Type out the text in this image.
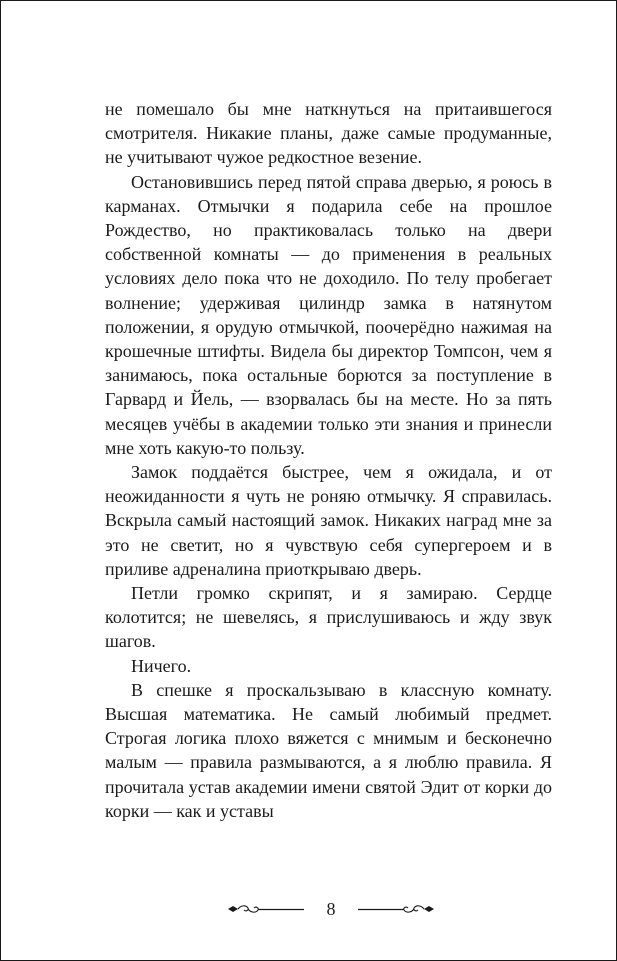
не помешало бы мне наткнуться на притаившегося смотрителя. Никакие планы, даже самые продуманные, не учитывают чужое редкостное везение.

Остановившись перед пятой справа дверью, я роюсь в карманах. Отмычки я подарила себе на прошлое Рождество, но практиковалась только на двери собственной комнаты — до применения в реальных условиях дело пока что не доходило. По телу пробегает волнение; удерживая цилиндр замка в натянутом положении, я орудую отмычкой, поочерёдно нажимая на крошечные штифты. Видела бы директор Томпсон, чем я занимаюсь, пока остальные борются за поступление в Гарвард и Йель, — взорвалась бы на месте. Но за пять месяцев учёбы в академии только эти знания и принесли мне хоть какую-то пользу.

Замок поддаётся быстрее, чем я ожидала, и от неожиданности я чуть не роняю отмычку. Я справилась. Вскрыла самый настоящий замок. Никаких наград мне за это не светит, но я чувствую себя супергероем и в приливе адреналина приоткрываю дверь.

Петли громко скрипят, и я замираю. Сердце колотится; не шевелясь, я прислушиваюсь и жду звук шагов.

Ничего.

В спешке я проскальзываю в классную комнату. Высшая математика. Не самый любимый предмет. Строгая логика плохо вяжется с мнимым и бесконечно малым — правила размываются, а я люблю правила. Я прочитала устав академии имени святой Эдит от корки до корки — как и уставы

8
